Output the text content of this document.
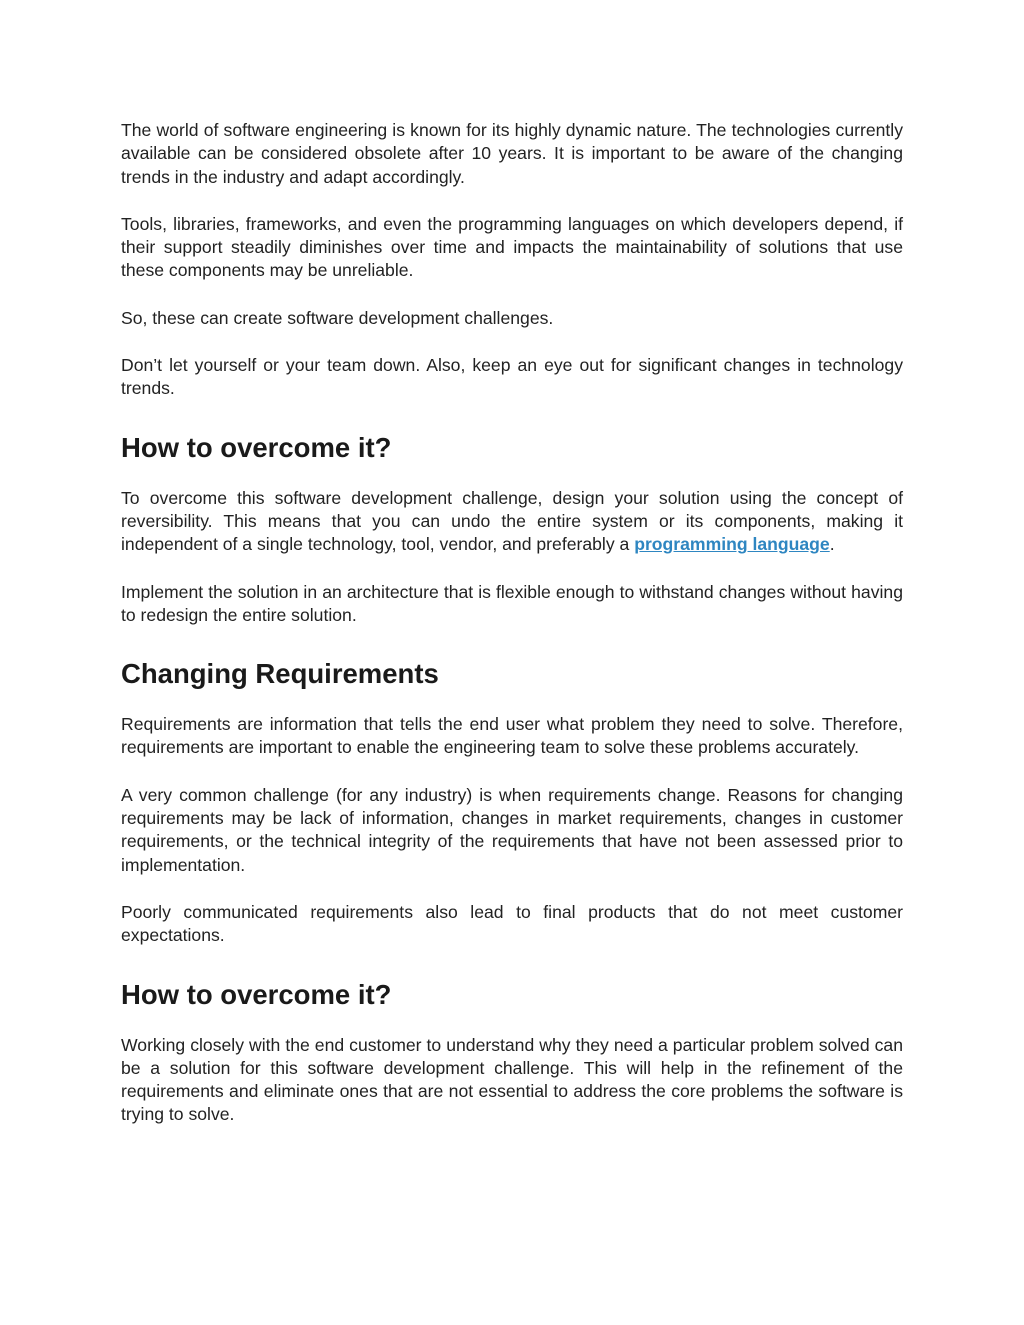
The world of software engineering is known for its highly dynamic nature. The technologies currently available can be considered obsolete after 10 years. It is important to be aware of the changing trends in the industry and adapt accordingly.

Tools, libraries, frameworks, and even the programming languages on which developers depend, if their support steadily diminishes over time and impacts the maintainability of solutions that use these components may be unreliable.

So, these can create software development challenges.

Don’t let yourself or your team down. Also, keep an eye out for significant changes in technology trends.

How to overcome it?

To overcome this software development challenge, design your solution using the concept of reversibility. This means that you can undo the entire system or its components, making it independent of a single technology, tool, vendor, and preferably a programming language.

Implement the solution in an architecture that is flexible enough to withstand changes without having to redesign the entire solution.

Changing Requirements

Requirements are information that tells the end user what problem they need to solve. Therefore, requirements are important to enable the engineering team to solve these problems accurately.

A very common challenge (for any industry) is when requirements change. Reasons for changing requirements may be lack of information, changes in market requirements, changes in customer requirements, or the technical integrity of the requirements that have not been assessed prior to implementation.

Poorly communicated requirements also lead to final products that do not meet customer expectations.

How to overcome it?

Working closely with the end customer to understand why they need a particular problem solved can be a solution for this software development challenge. This will help in the refinement of the requirements and eliminate ones that are not essential to address the core problems the software is trying to solve.
